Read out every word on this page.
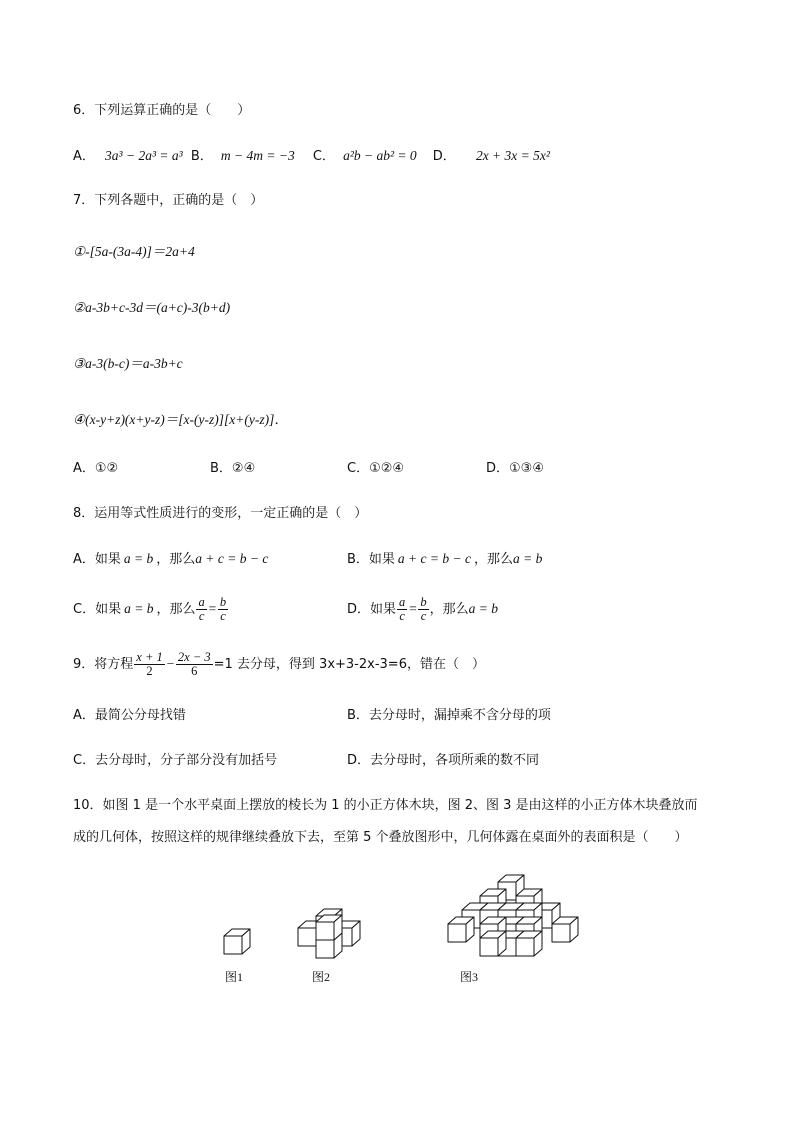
6．下列运算正确的是（　　）
A． 3a³ − 2a³ = a³ B． m − 4m = −3 C． a²b − ab² = 0 D． 2x + 3x = 5x²
7．下列各题中，正确的是（　）
①-[5a-(3a-4)]＝2a+4
②a-3b+c-3d＝(a+c)-3(b+d)
③a-3(b-c)＝a-3b+c
④(x-y+z)(x+y-z)＝[x-(y-z)][x+(y-z)]．
A．①②	B．②④	C．①②④	D．①③④
8．运用等式性质进行的变形，一定正确的是（　）
A．如果 a = b ，那么a + c = b − c	B．如果 a + c = b − c ，那么a = b
C．如果 a = b ，那么 $\frac{a}{c} = \frac{b}{c}$	D．如果 $\frac{a}{c} = \frac{b}{c}$ ，那么a = b
9．将方程 $\frac{x + 1}{2} - \frac{2x - 3}{6} =1$ 去分母，得到 3x+3-2x-3=6，错在（　）
A．最简公分母找错	B．去分母时，漏掉乘不含分母的项
C．去分母时，分子部分没有加括号	D．去分母时，各项所乘的数不同
10．如图 1 是一个水平桌面上摆放的棱长为 1 的小正方体木块，图 2、图 3 是由这样的小正方体木块叠放而
成的几何体，按照这样的规律继续叠放下去，至第 5 个叠放图形中，几何体露在桌面外的表面积是（　　）
图1	图2	图3
